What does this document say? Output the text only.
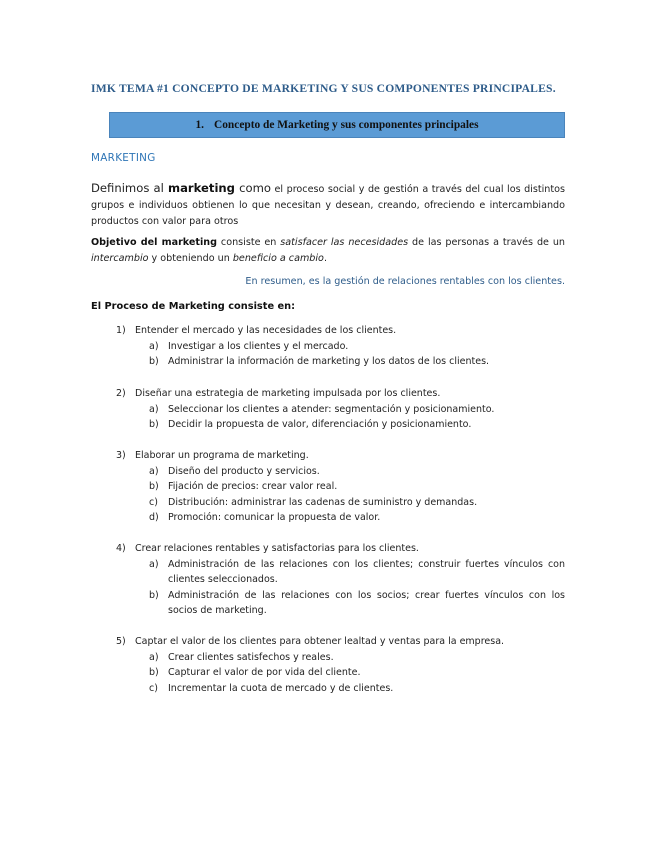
IMK TEMA #1 CONCEPTO DE MARKETING Y SUS COMPONENTES PRINCIPALES.
1. Concepto de Marketing y sus componentes principales
MARKETING
Definimos al marketing como el proceso social y de gestión a través del cual los distintos grupos e individuos obtienen lo que necesitan y desean, creando, ofreciendo e intercambiando productos con valor para otros
Objetivo del marketing consiste en satisfacer las necesidades de las personas a través de un intercambio y obteniendo un beneficio a cambio.
En resumen, es la gestión de relaciones rentables con los clientes.
El Proceso de Marketing consiste en:
1) Entender el mercado y las necesidades de los clientes.
a) Investigar a los clientes y el mercado.
b) Administrar la información de marketing y los datos de los clientes.
2) Diseñar una estrategia de marketing impulsada por los clientes.
a) Seleccionar los clientes a atender: segmentación y posicionamiento.
b) Decidir la propuesta de valor, diferenciación y posicionamiento.
3) Elaborar un programa de marketing.
a) Diseño del producto y servicios.
b) Fijación de precios: crear valor real.
c) Distribución: administrar las cadenas de suministro y demandas.
d) Promoción: comunicar la propuesta de valor.
4) Crear relaciones rentables y satisfactorias para los clientes.
a) Administración de las relaciones con los clientes; construir fuertes vínculos con clientes seleccionados.
b) Administración de las relaciones con los socios; crear fuertes vínculos con los socios de marketing.
5) Captar el valor de los clientes para obtener lealtad y ventas para la empresa.
a) Crear clientes satisfechos y reales.
b) Capturar el valor de por vida del cliente.
c) Incrementar la cuota de mercado y de clientes.
